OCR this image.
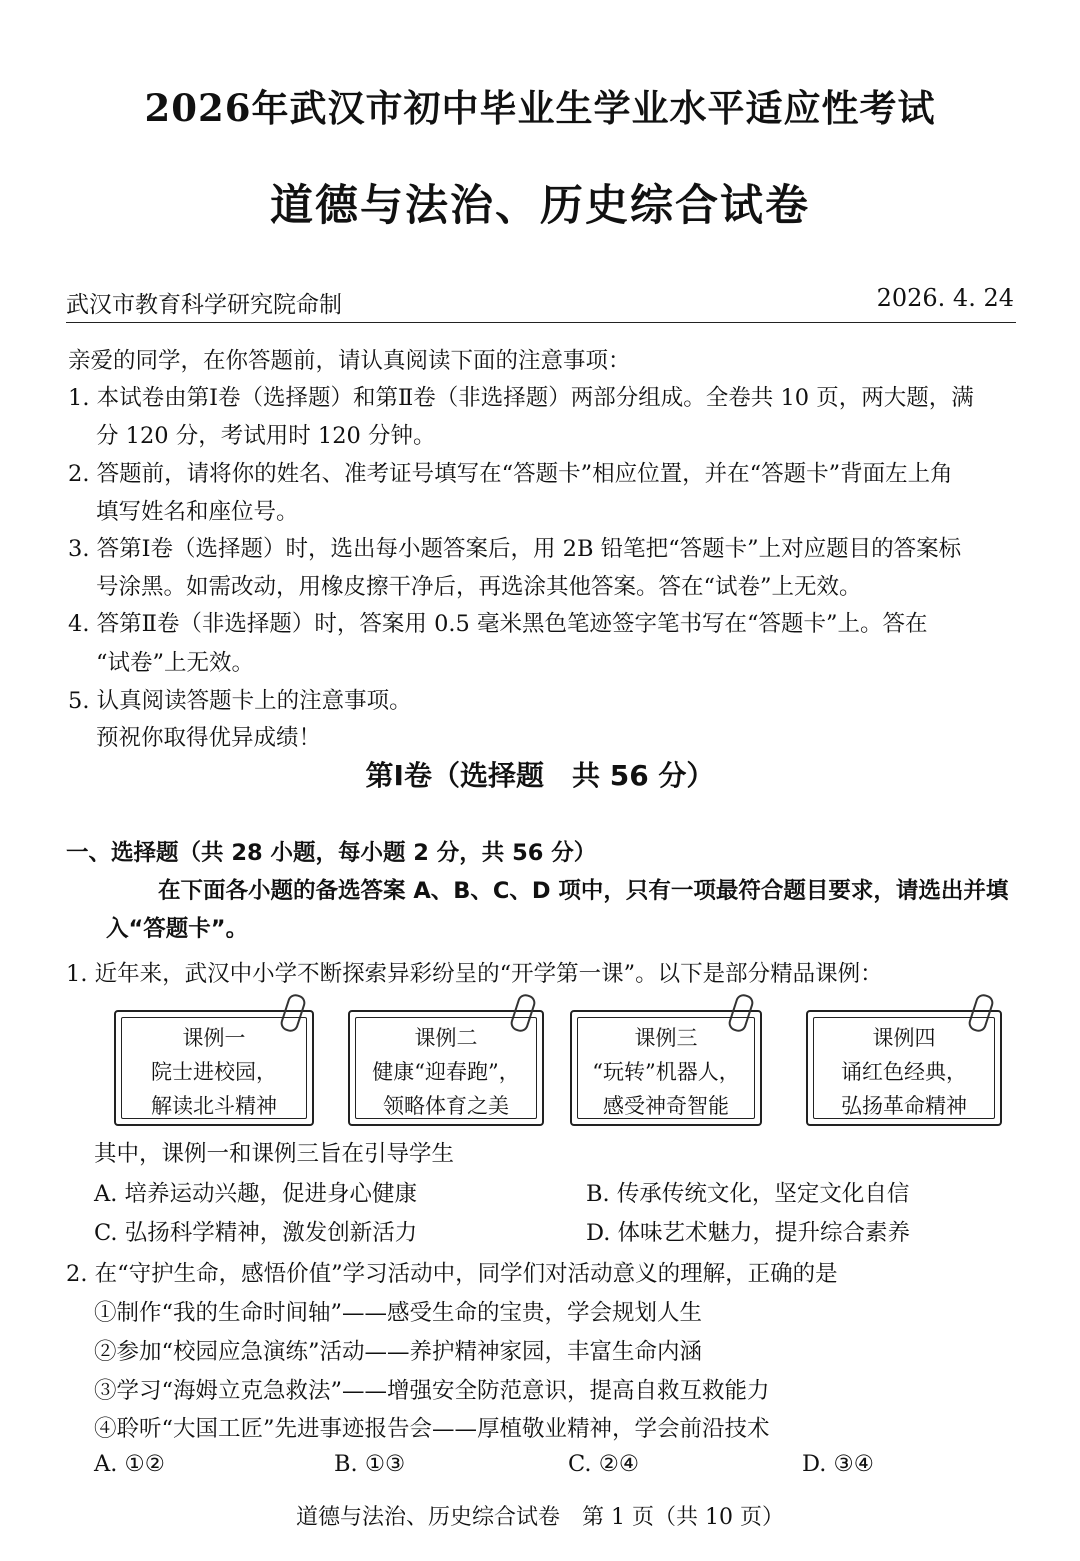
2026年武汉市初中毕业生学业水平适应性考试
道德与法治、历史综合试卷
武汉市教育科学研究院命制	2026. 4. 24
亲爱的同学，在你答题前，请认真阅读下面的注意事项：
1. 本试卷由第Ⅰ卷（选择题）和第Ⅱ卷（非选择题）两部分组成。全卷共 10 页，两大题，满
分 120 分，考试用时 120 分钟。
2. 答题前，请将你的姓名、准考证号填写在“答题卡”相应位置，并在“答题卡”背面左上角
填写姓名和座位号。
3. 答第Ⅰ卷（选择题）时，选出每小题答案后，用 2B 铅笔把“答题卡”上对应题目的答案标
号涂黑。如需改动，用橡皮擦干净后，再选涂其他答案。答在“试卷”上无效。
4. 答第Ⅱ卷（非选择题）时，答案用 0.5 毫米黑色笔迹签字笔书写在“答题卡”上。答在
“试卷”上无效。
5. 认真阅读答题卡上的注意事项。
预祝你取得优异成绩！
第Ⅰ卷（选择题　共 56 分）
一、选择题（共 28 小题，每小题 2 分，共 56 分）
在下面各小题的备选答案 A、B、C、D 项中，只有一项最符合题目要求，请选出并填
入“答题卡”。
1. 近年来，武汉中小学不断探索异彩纷呈的“开学第一课”。以下是部分精品课例：
课例一
院士进校园，
解读北斗精神
课例二
健康“迎春跑”，
领略体育之美
课例三
“玩转”机器人，
感受神奇智能
课例四
诵红色经典，
弘扬革命精神
其中，课例一和课例三旨在引导学生
A. 培养运动兴趣，促进身心健康	B. 传承传统文化，坚定文化自信
C. 弘扬科学精神，激发创新活力	D. 体味艺术魅力，提升综合素养
2. 在“守护生命，感悟价值”学习活动中，同学们对活动意义的理解，正确的是
①制作“我的生命时间轴”——感受生命的宝贵，学会规划人生
②参加“校园应急演练”活动——养护精神家园，丰富生命内涵
③学习“海姆立克急救法”——增强安全防范意识，提高自救互救能力
④聆听“大国工匠”先进事迹报告会——厚植敬业精神，学会前沿技术
A. ①②	B. ①③	C. ②④	D. ③④
道德与法治、历史综合试卷　第 1 页（共 10 页）
